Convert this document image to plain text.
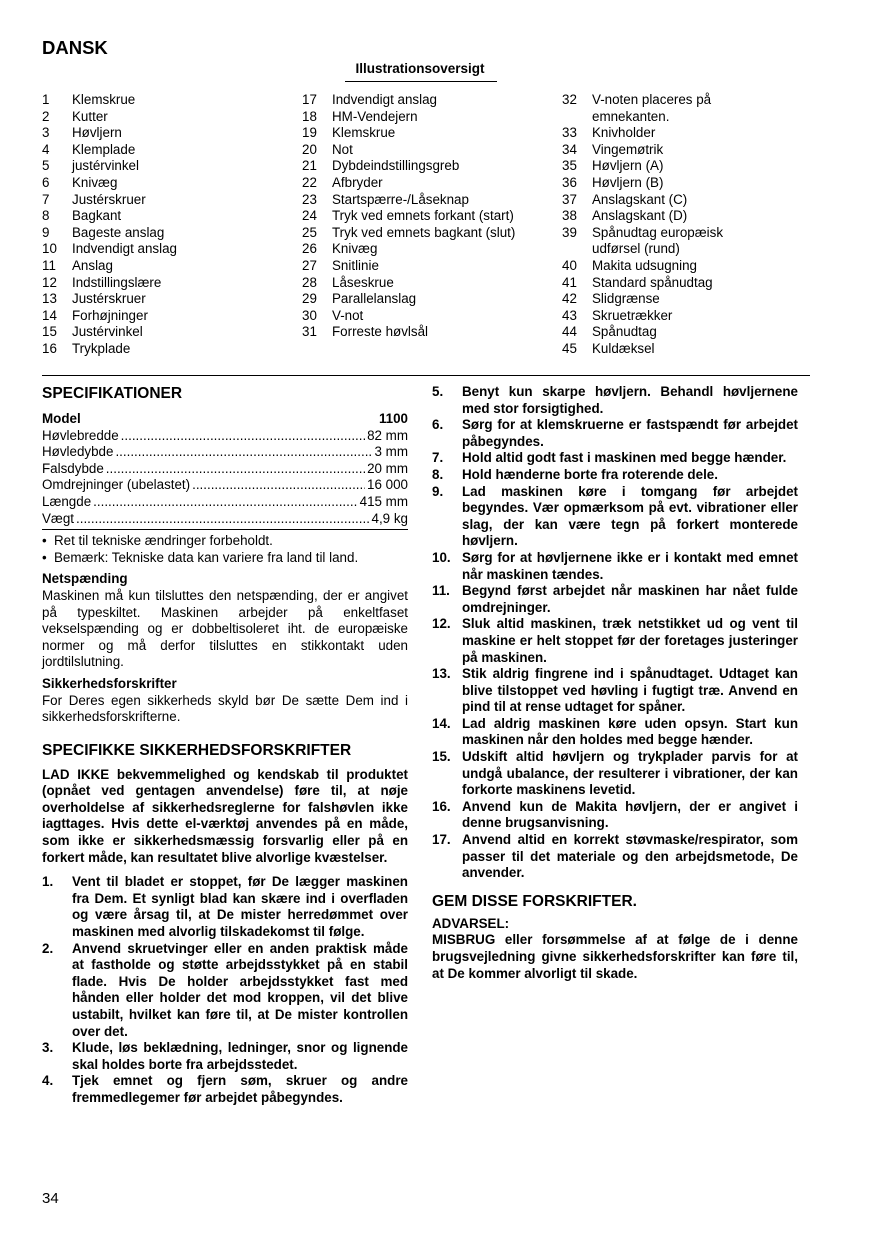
DANSK
Illustrationsoversigt
1	Klemskrue
2	Kutter
3	Høvljern
4	Klemplade
5	justérvinkel
6	Knivæg
7	Justérskruer
8	Bagkant
9	Bageste anslag
10	Indvendigt anslag
11	Anslag
12	Indstillingslære
13	Justérskruer
14	Forhøjninger
15	Justérvinkel
16	Trykplade
17	Indvendigt anslag
18	HM-Vendejern
19	Klemskrue
20	Not
21	Dybdeindstillingsgreb
22	Afbryder
23	Startspærre-/Låseknap
24	Tryk ved emnets forkant (start)
25	Tryk ved emnets bagkant (slut)
26	Knivæg
27	Snitlinie
28	Låseskrue
29	Parallelanslag
30	V-not
31	Forreste høvlsål
32	V-noten placeres på
emnekanten.
33	Knivholder
34	Vingemøtrik
35	Høvljern (A)
36	Høvljern (B)
37	Anslagskant (C)
38	Anslagskant (D)
39	Spånudtag europæisk
udførsel (rund)
40	Makita udsugning
41	Standard spånudtag
42	Slidgrænse
43	Skruetrækker
44	Spånudtag
45	Kuldæksel
SPECIFIKATIONER
Model	1100
Høvlebredde .....	82 mm
Høvledybde .....	3 mm
Falsdybde .....	20 mm
Omdrejninger (ubelastet) .....	16 000
Længde .....	415 mm
Vægt .....	4,9 kg
• Ret til tekniske ændringer forbeholdt.
• Bemærk: Tekniske data kan variere fra land til land.
Netspænding

Maskinen må kun tilsluttes den netspænding, der er angivet på typeskiltet. Maskinen arbejder på enkeltfaset vekselspænding og er dobbeltisoleret iht. de europæiske normer og må derfor tilsluttes en stikkontakt uden jordtilslutning.

Sikkerhedsforskrifter

For Deres egen sikkerheds skyld bør De sætte Dem ind i sikkerhedsforskrifterne.

SPECIFIKKE SIKKERHEDSFORSKRIFTER

LAD IKKE bekvemmelighed og kendskab til produktet (opnået ved gentagen anvendelse) føre til, at nøje overholdelse af sikkerhedsreglerne for falshøvlen ikke iagttages. Hvis dette el-værktøj anvendes på en måde, som ikke er sikkerhedsmæssig forsvarlig eller på en forkert måde, kan resultatet blive alvorlige kvæstelser.

1.	Vent til bladet er stoppet, før De lægger maskinen fra Dem. Et synligt blad kan skære ind i overfladen og være årsag til, at De mister herredømmet over maskinen med alvorlig tilskadekomst til følge.
2.	Anvend skruetvinger eller en anden praktisk måde at fastholde og støtte arbejdsstykket på en stabil flade. Hvis De holder arbejdsstykket fast med hånden eller holder det mod kroppen, vil det blive ustabilt, hvilket kan føre til, at De mister kontrollen over det.
3.	Klude, løs beklædning, ledninger, snor og lignende skal holdes borte fra arbejdsstedet.
4.	Tjek emnet og fjern søm, skruer og andre fremmedlegemer før arbejdet påbegyndes.
5.	Benyt kun skarpe høvljern. Behandl høvljernene med stor forsigtighed.
6.	Sørg for at klemskruerne er fastspændt før arbejdet påbegyndes.
7.	Hold altid godt fast i maskinen med begge hænder.
8.	Hold hænderne borte fra roterende dele.
9.	Lad maskinen køre i tomgang før arbejdet begyndes. Vær opmærksom på evt. vibrationer eller slag, der kan være tegn på forkert monterede høvljern.
10. Sørg for at høvljernene ikke er i kontakt med emnet når maskinen tændes.
11. Begynd først arbejdet når maskinen har nået fulde omdrejninger.
12. Sluk altid maskinen, træk netstikket ud og vent til maskine er helt stoppet før der foretages justeringer på maskinen.
13. Stik aldrig fingrene ind i spånudtaget. Udtaget kan blive tilstoppet ved høvling i fugtigt træ. Anvend en pind til at rense udtaget for spåner.
14. Lad aldrig maskinen køre uden opsyn. Start kun maskinen når den holdes med begge hænder.
15. Udskift altid høvljern og trykplader parvis for at undgå ubalance, der resulterer i vibrationer, der kan forkorte maskinens levetid.
16. Anvend kun de Makita høvljern, der er angivet i denne brugsanvisning.
17. Anvend altid en korrekt støvmaske/respirator, som passer til det materiale og den arbejdsmetode, De anvender.
GEM DISSE FORSKRIFTER.
ADVARSEL:

MISBRUG eller forsømmelse af at følge de i denne brugsvejledning givne sikkerhedsforskrifter kan føre til, at De kommer alvorligt til skade.

34
